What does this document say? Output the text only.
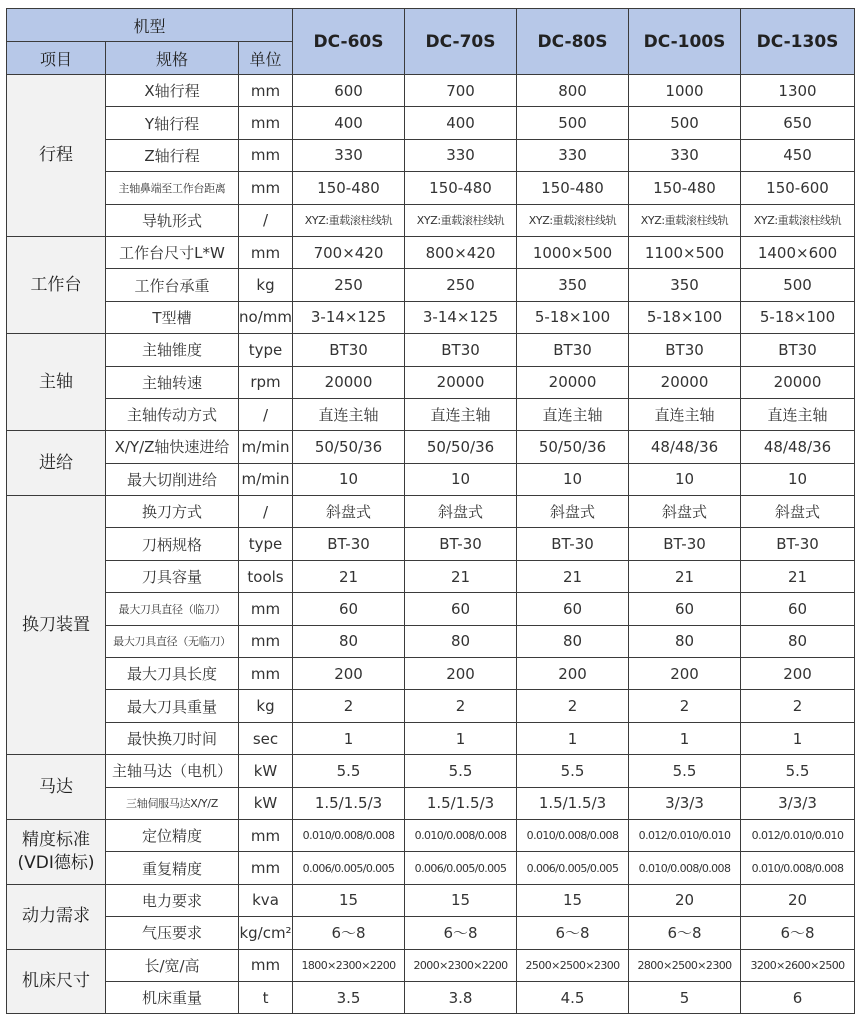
机型			DC-60S	DC-70S	DC-80S	DC-100S	DC-130S
项目	规格	单位					
行程	X轴行程	mm	600	700	800	1000	1300
	Y轴行程	mm	400	400	500	500	650
	Z轴行程	mm	330	330	330	330	450
	主轴鼻端至工作台距离	mm	150-480	150-480	150-480	150-480	150-600
	导轨形式	/	XYZ:重载滚柱线轨	XYZ:重载滚柱线轨	XYZ:重载滚柱线轨	XYZ:重载滚柱线轨	XYZ:重载滚柱线轨
工作台	工作台尺寸L*W	mm	700×420	800×420	1000×500	1100×500	1400×600
	工作台承重	kg	250	250	350	350	500
	T型槽	no/mm	3-14×125	3-14×125	5-18×100	5-18×100	5-18×100
主轴	主轴锥度	type	BT30	BT30	BT30	BT30	BT30
	主轴转速	rpm	20000	20000	20000	20000	20000
	主轴传动方式	/	直连主轴	直连主轴	直连主轴	直连主轴	直连主轴
进给	X/Y/Z轴快速进给	m/min	50/50/36	50/50/36	50/50/36	48/48/36	48/48/36
	最大切削进给	m/min	10	10	10	10	10
换刀装置	换刀方式	/	斜盘式	斜盘式	斜盘式	斜盘式	斜盘式
	刀柄规格	type	BT-30	BT-30	BT-30	BT-30	BT-30
	刀具容量	tools	21	21	21	21	21
	最大刀具直径（临刀）	mm	60	60	60	60	60
	最大刀具直径（无临刀）	mm	80	80	80	80	80
	最大刀具长度	mm	200	200	200	200	200
	最大刀具重量	kg	2	2	2	2	2
	最快换刀时间	sec	1	1	1	1	1
马达	主轴马达（电机）	kW	5.5	5.5	5.5	5.5	5.5
	三轴伺服马达X/Y/Z	kW	1.5/1.5/3	1.5/1.5/3	1.5/1.5/3	3/3/3	3/3/3
精度标准
(VDI德标)	定位精度	mm	0.010/0.008/0.008	0.010/0.008/0.008	0.010/0.008/0.008	0.012/0.010/0.010	0.012/0.010/0.010
	重复精度	mm	0.006/0.005/0.005	0.006/0.005/0.005	0.006/0.005/0.005	0.010/0.008/0.008	0.010/0.008/0.008
动力需求	电力要求	kva	15	15	15	20	20
	气压要求	kg/cm²	6～8	6～8	6～8	6～8	6～8
机床尺寸	长/宽/高	mm	1800×2300×2200	2000×2300×2200	2500×2500×2300	2800×2500×2300	3200×2600×2500
	机床重量	t	3.5	3.8	4.5	5	6
